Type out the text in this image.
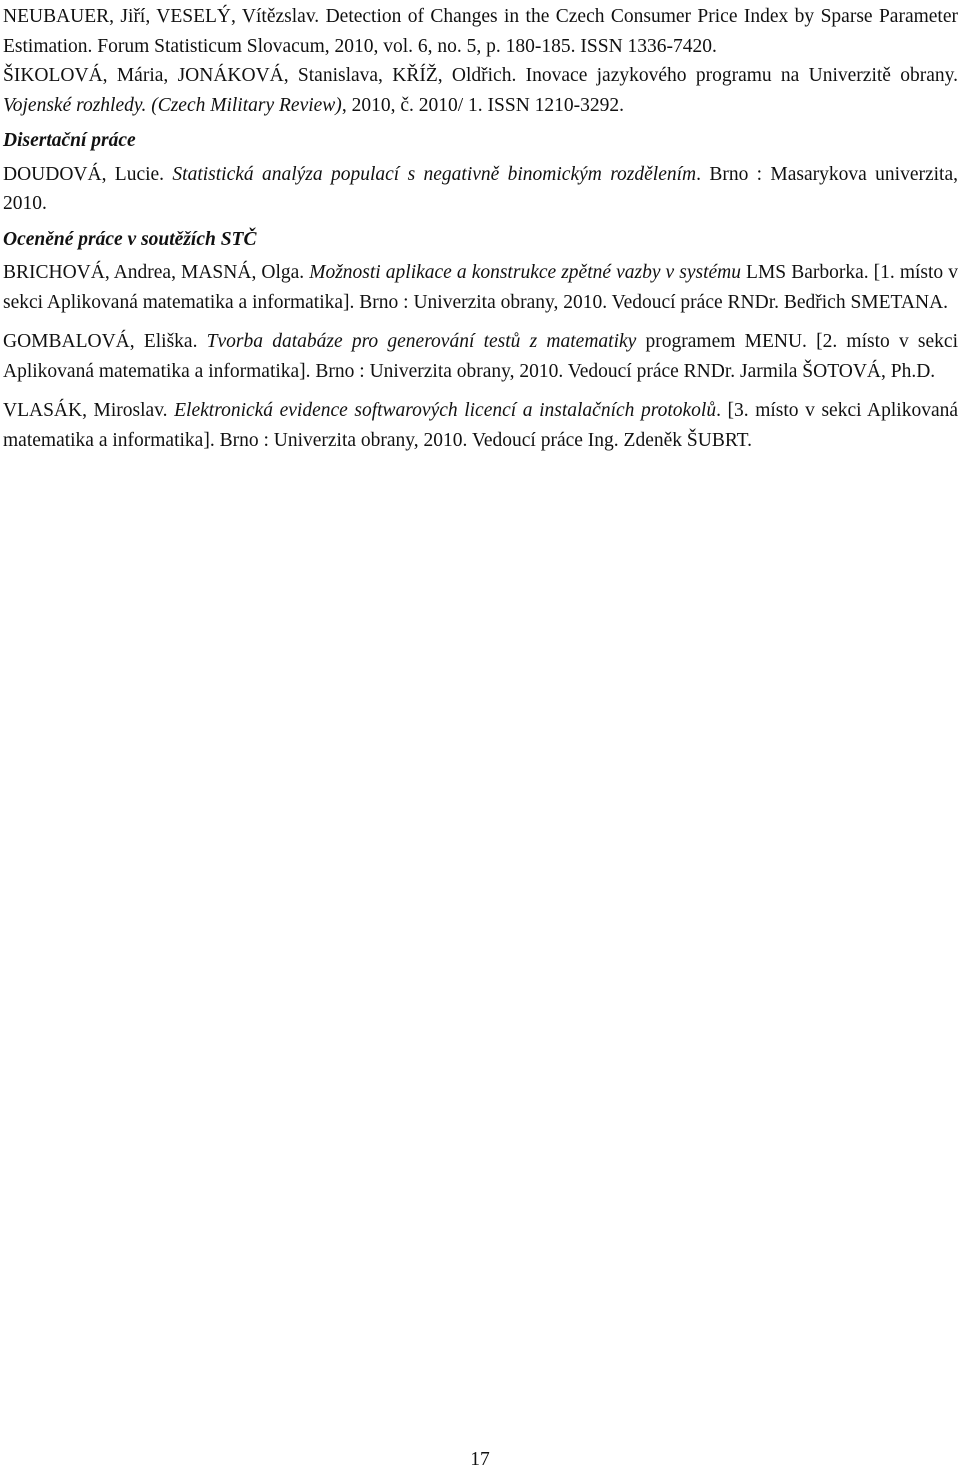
NEUBAUER, Jiří, VESELÝ, Vítězslav. Detection of Changes in the Czech Consumer Price Index by Sparse Parameter Estimation. Forum Statisticum Slovacum, 2010, vol. 6, no. 5, p. 180-185. ISSN 1336-7420.

ŠIKOLOVÁ, Mária, JONÁKOVÁ, Stanislava, KŘÍŽ, Oldřich. Inovace jazykového programu na Univerzitě obrany. Vojenské rozhledy. (Czech Military Review), 2010, č. 2010/ 1. ISSN 1210-3292.

Disertační práce

DOUDOVÁ, Lucie. Statistická analýza populací s negativně binomickým rozdělením. Brno : Masarykova univerzita, 2010.

Oceněné práce v soutěžích STČ

BRICHOVÁ, Andrea, MASNÁ, Olga. Možnosti aplikace a konstrukce zpětné vazby v systému LMS Barborka. [1. místo v sekci Aplikovaná matematika a informatika]. Brno : Univerzita obrany, 2010. Vedoucí práce RNDr. Bedřich SMETANA.

GOMBALOVÁ, Eliška. Tvorba databáze pro generování testů z matematiky programem MENU. [2. místo v sekci Aplikovaná matematika a informatika]. Brno : Univerzita obrany, 2010. Vedoucí práce RNDr. Jarmila ŠOTOVÁ, Ph.D.

VLASÁK, Miroslav. Elektronická evidence softwarových licencí a instalačních protokolů. [3. místo v sekci Aplikovaná matematika a informatika]. Brno : Univerzita obrany, 2010. Vedoucí práce Ing. Zdeněk ŠUBRT.

17
